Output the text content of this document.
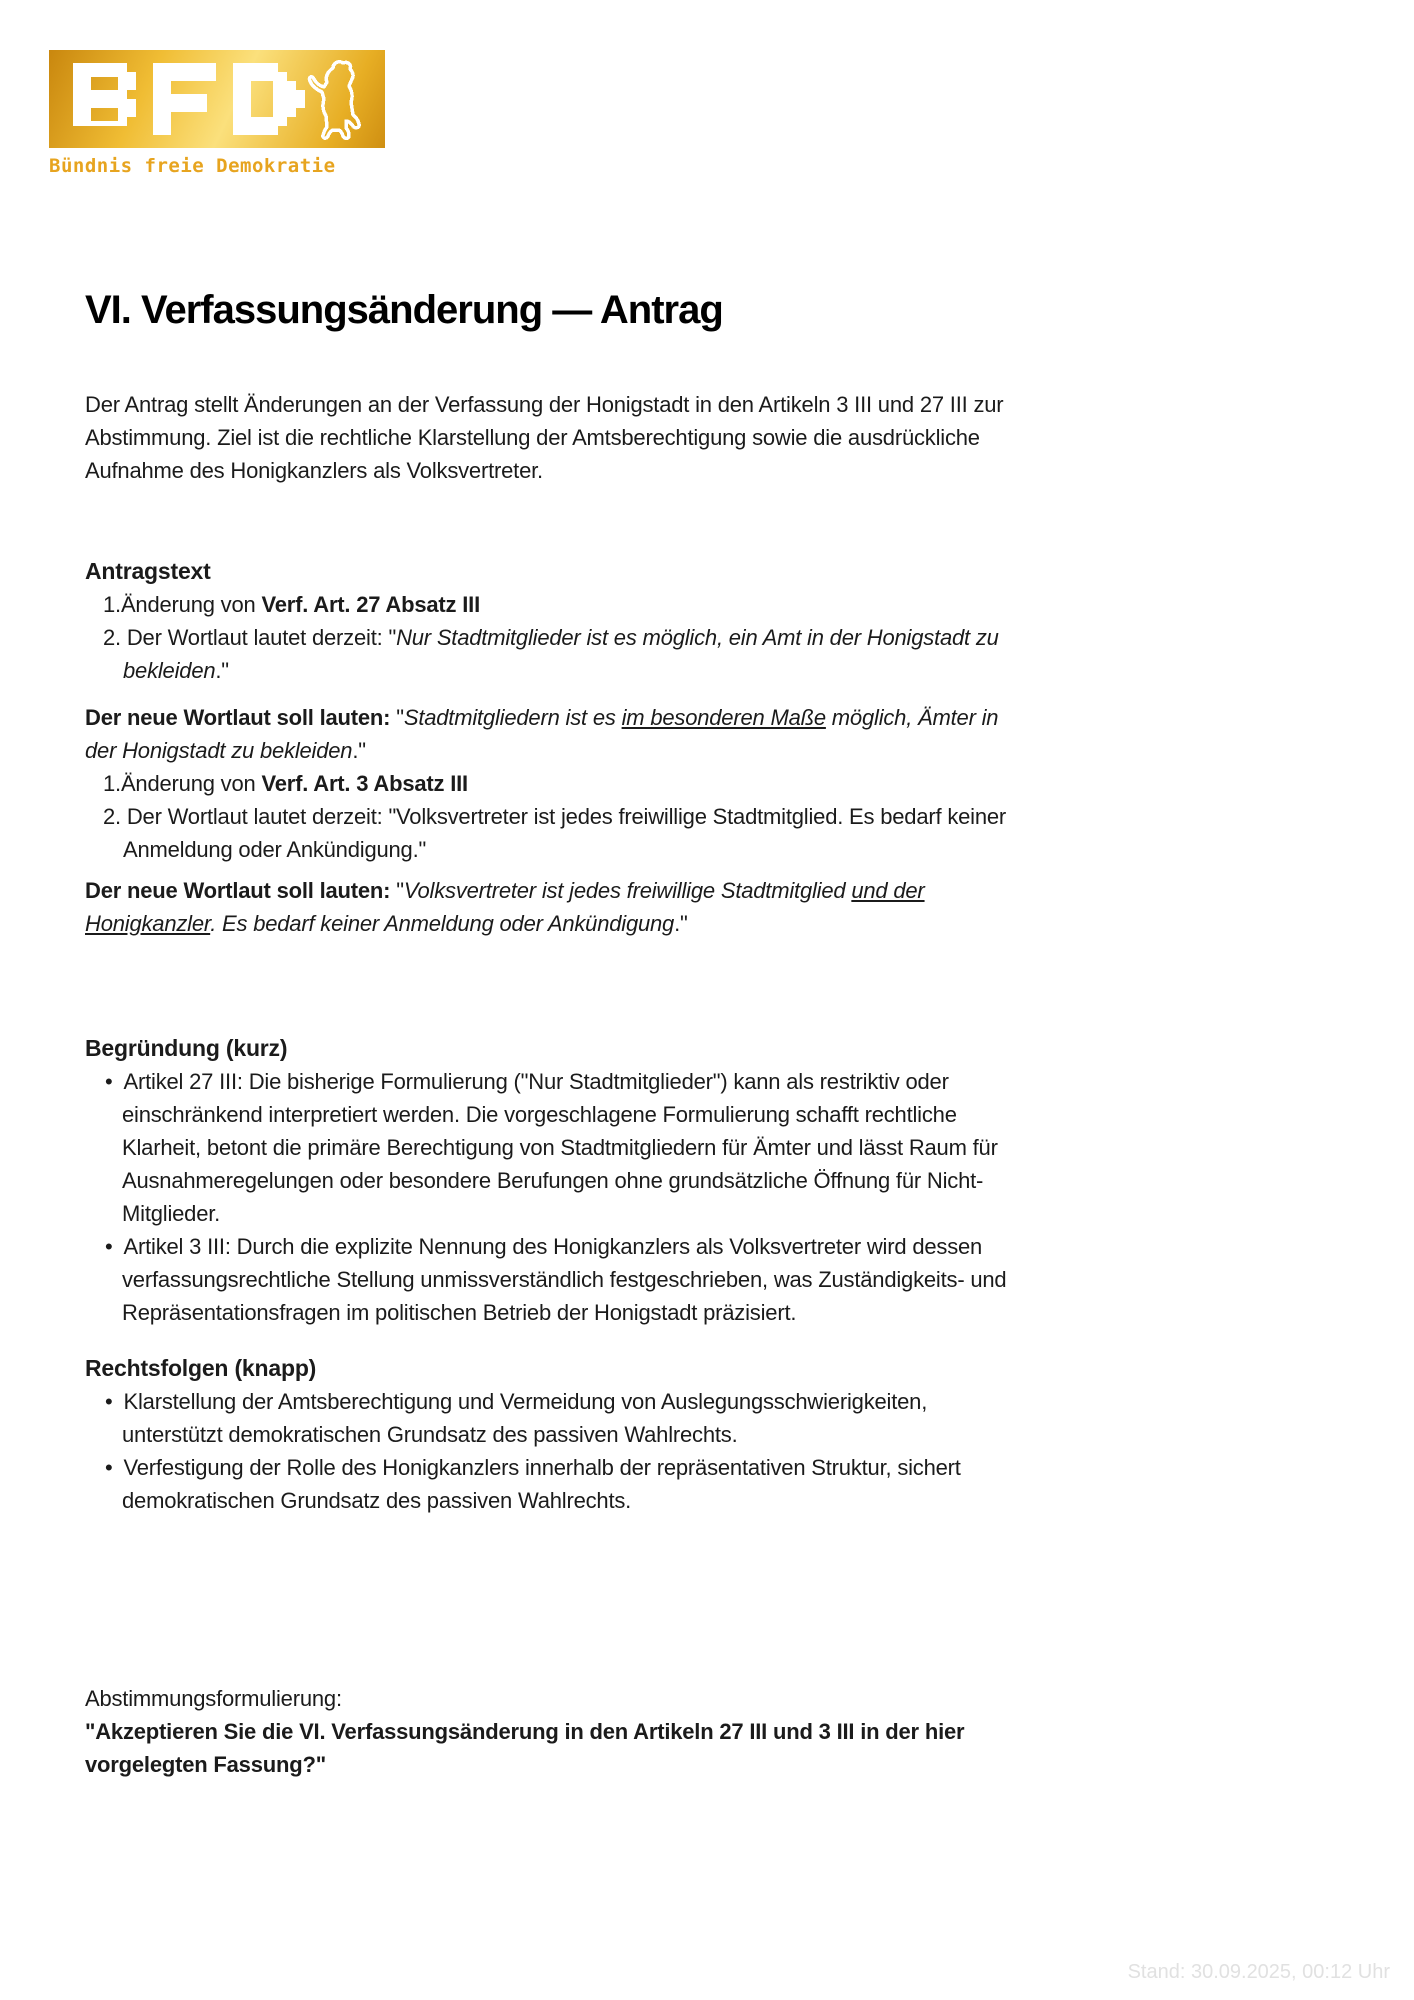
Bündnis freie Demokratie
VI. Verfassungsänderung — Antrag

Der Antrag stellt Änderungen an der Verfassung der Honigstadt in den Artikeln 3 III und 27 III zur Abstimmung. Ziel ist die rechtliche Klarstellung der Amtsberechtigung sowie die ausdrückliche Aufnahme des Honigkanzlers als Volksvertreter.

Antragstext
1.Änderung von Verf. Art. 27 Absatz III
2. Der Wortlaut lautet derzeit: "Nur Stadtmitglieder ist es möglich, ein Amt in der Honigstadt zu bekleiden."

Der neue Wortlaut soll lauten: "Stadtmitgliedern ist es im besonderen Maße möglich, Ämter in der Honigstadt zu bekleiden."

1.Änderung von Verf. Art. 3 Absatz III
2. Der Wortlaut lautet derzeit: "Volksvertreter ist jedes freiwillige Stadtmitglied. Es bedarf keiner Anmeldung oder Ankündigung."

Der neue Wortlaut soll lauten: "Volksvertreter ist jedes freiwillige Stadtmitglied und der Honigkanzler. Es bedarf keiner Anmeldung oder Ankündigung."

Begründung (kurz)
• Artikel 27 III: Die bisherige Formulierung ("Nur Stadtmitglieder") kann als restriktiv oder einschränkend interpretiert werden. Die vorgeschlagene Formulierung schafft rechtliche Klarheit, betont die primäre Berechtigung von Stadtmitgliedern für Ämter und lässt Raum für Ausnahmeregelungen oder besondere Berufungen ohne grundsätzliche Öffnung für Nicht-Mitglieder.
• Artikel 3 III: Durch die explizite Nennung des Honigkanzlers als Volksvertreter wird dessen verfassungsrechtliche Stellung unmissverständlich festgeschrieben, was Zuständigkeits- und Repräsentationsfragen im politischen Betrieb der Honigstadt präzisiert.
Rechtsfolgen (knapp)
• Klarstellung der Amtsberechtigung und Vermeidung von Auslegungsschwierigkeiten, unterstützt demokratischen Grundsatz des passiven Wahlrechts.
• Verfestigung der Rolle des Honigkanzlers innerhalb der repräsentativen Struktur, sichert demokratischen Grundsatz des passiven Wahlrechts.

Abstimmungsformulierung:

"Akzeptieren Sie die VI. Verfassungsänderung in den Artikeln 27 III und 3 III in der hier vorgelegten Fassung?"

Stand: 30.09.2025, 00:12 Uhr
